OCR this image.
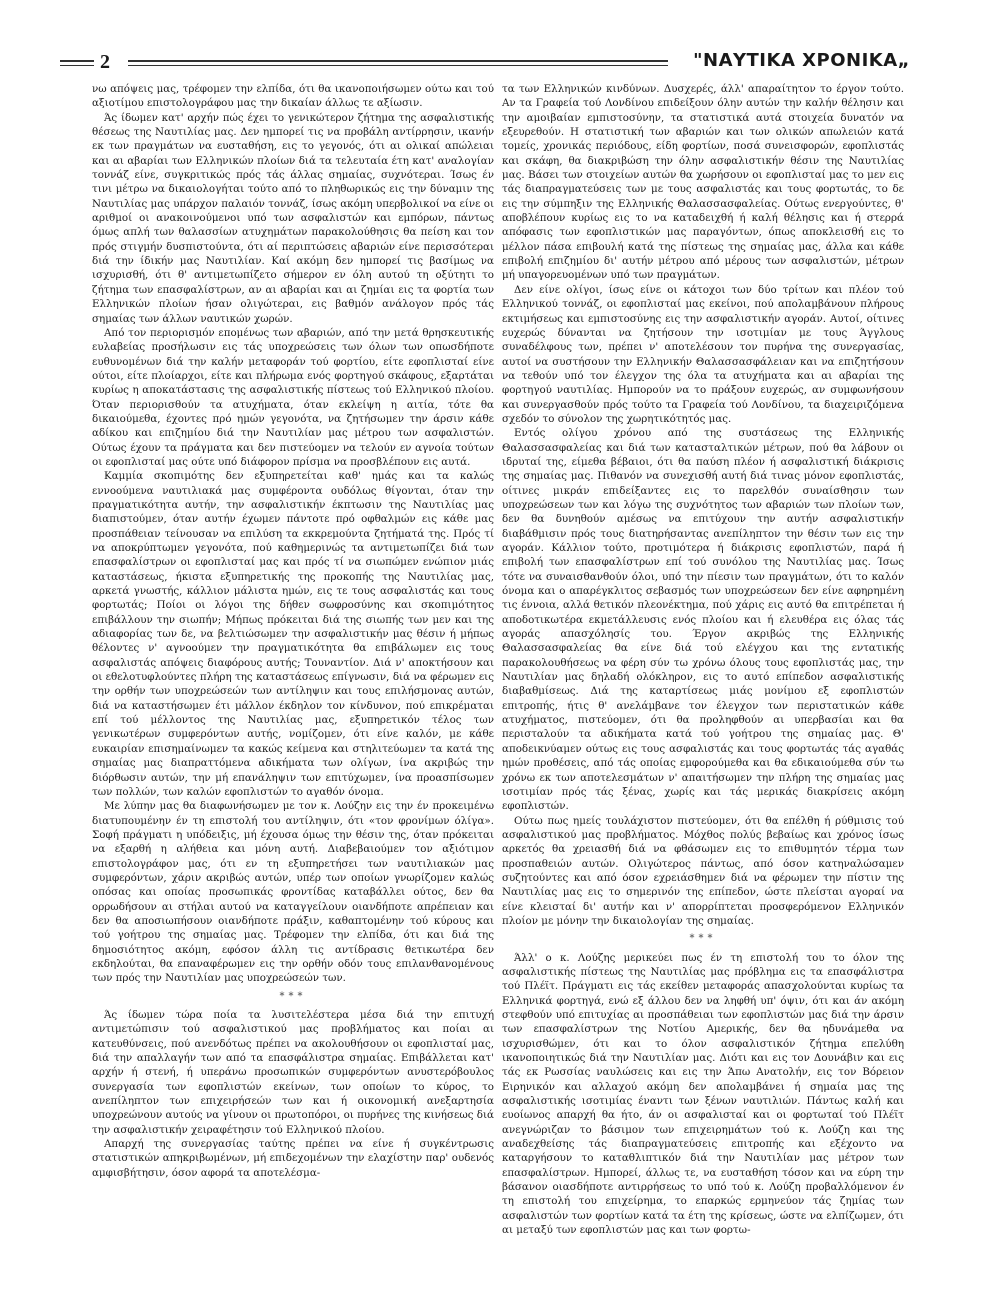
2	"ΝΑΥΤΙΚΑ ΧΡΟΝΙΚΑ„

νω απόψεις μας, τρέφομεν την ελπίδα, ότι θα ικανοποιήσωμεν ούτω και τού αξιοτίμου επιστολογράφου μας την δικαίαν άλλως τε αξίωσιν.

Άς ίδωμεν κατ' αρχήν πώς έχει το γενικώτερον ζήτημα της ασφαλιστικής θέσεως της Ναυτιλίας μας. Δεν ημπορεί τις να προβάλη αντίρρησιν, ικανήν εκ των πραγμάτων να ευσταθήση, εις το γεγονός, ότι αι ολικαί απώλειαι και αι αβαρίαι των Ελληνικών πλοίων διά τα τελευταία έτη κατ' αναλογίαν τοννάζ είνε, συγκριτικώς πρός τάς άλλας σημαίας, συχνότεραι. Ίσως έν τινι μέτρω να δικαιολογήται τούτο από το πληθωρικώς εις την δύναμιν της Ναυτιλίας μας υπάρχον παλαιόν τοννάζ, ίσως ακόμη υπερβολικοί να είνε οι αριθμοί οι ανακοινούμενοι υπό των ασφαλιστών και εμπόρων, πάντως όμως απλή των θαλασσίων ατυχημάτων παρακολούθησις θα πείση και τον πρός στιγμήν δυσπιστούντα, ότι αί περιπτώσεις αβαριών είνε περισσότεραι διά την ίδικήν μας Ναυτιλίαν. Καί ακόμη δεν ημπορεί τις βασίμως να ισχυρισθή, ότι θ' αντιμετωπίζετο σήμερον εν όλη αυτού τη οξύτητι το ζήτημα των επασφαλίστρων, αν αι αβαρίαι και αι ζημίαι εις τα φορτία των Ελληνικών πλοίων ήσαν ολιγώτεραι, εις βαθμόν ανάλογον πρός τάς σημαίας των άλλων ναυτικών χωρών.

Από τον περιορισμόν επομένως των αβαριών, από την μετά θρησκευτικής ευλαβείας προσήλωσιν εις τάς υποχρεώσεις των όλων των οπωσδήποτε ευθυνομένων διά την καλήν μεταφοράν τού φορτίου, είτε εφοπλισταί είνε ούτοι, είτε πλοίαρχοι, είτε και πλήρωμα ενός φορτηγού σκάφους, εξαρτάται κυρίως η αποκατάστασις της ασφαλιστικής πίστεως τού Ελληνικού πλοίου. Όταν περιορισθούν τα ατυχήματα, όταν εκλείψη η αιτία, τότε θα δικαιούμεθα, έχοντες πρό ημών γεγονότα, να ζητήσωμεν την άρσιν κάθε αδίκου και επιζημίου διά την Ναυτιλίαν μας μέτρου των ασφαλιστών. Ούτως έχουν τα πράγματα και δεν πιστεύομεν να τελούν εν αγνοία τούτων οι εφοπλισταί μας ούτε υπό διάφορον πρίσμα να προσβλέπουν εις αυτά.

Καμμία σκοπιμότης δεν εξυπηρετείται καθ' ημάς και τα καλώς εννοούμενα ναυτιλιακά μας συμφέροντα ουδόλως θίγονται, όταν την πραγματικότητα αυτήν, την ασφαλιστικήν έκπτωσιν της Ναυτιλίας μας διαπιστούμεν, όταν αυτήν έχωμεν πάντοτε πρό οφθαλμών εις κάθε μας προσπάθειαν τείνουσαν να επιλύση τα εκκρεμούντα ζητήματά της. Πρός τί να αποκρύπτωμεν γεγονότα, πού καθημερινώς τα αντιμετωπίζει διά των επασφαλίστρων οι εφοπλισταί μας και πρός τί να σιωπώμεν ενώπιον μιάς καταστάσεως, ήκιστα εξυπηρετικής της προκοπής της Ναυτιλίας μας, αρκετά γνωστής, κάλλιον μάλιστα ημών, εις τε τους ασφαλιστάς και τους φορτωτάς; Ποίοι οι λόγοι της δήθεν σωφροσύνης και σκοπιμότητος επιβάλλουν την σιωπήν; Μήπως πρόκειται διά της σιωπής των μεν και της αδιαφορίας των δε, να βελτιώσωμεν την ασφαλιστικήν μας θέσιν ή μήπως θέλοντες ν' αγνοούμεν την πραγματικότητα θα επιβάλωμεν εις τους ασφαλιστάς απόψεις διαφόρους αυτής; Τουναντίον. Διά ν' αποκτήσουν και οι εθελοτυφλούντες πλήρη της καταστάσεως επίγνωσιν, διά να φέρωμεν εις την ορθήν των υποχρεώσεών των αντίληψιν και τους επιλήσμονας αυτών, διά να καταστήσωμεν έτι μάλλον έκδηλον τον κίνδυνον, πού επικρέμαται επί τού μέλλοντος της Ναυτιλίας μας, εξυπηρετικόν τέλος των γενικωτέρων συμφερόντων αυτής, νομίζομεν, ότι είνε καλόν, με κάθε ευκαιρίαν επισημαίνωμεν τα κακώς κείμενα και στηλιτεύωμεν τα κατά της σημαίας μας διαπραττόμενα αδικήματα των ολίγων, ίνα ακριβώς την διόρθωσιν αυτών, την μή επανάληψιν των επιτύχωμεν, ίνα προασπίσωμεν των πολλών, των καλών εφοπλιστών το αγαθόν όνομα.

Με λύπην μας θα διαφωνήσωμεν με τον κ. Λούζην εις την έν προκειμένω διατυπουμένην έν τη επιστολή του αντίληψιν, ότι «τον φρονίμων όλίγα». Σοφή πράγματι η υπόδειξις, μή έχουσα όμως την θέσιν της, όταν πρόκειται να εξαρθή η αλήθεια και μόνη αυτή. Διαβεβαιούμεν τον αξιότιμον επιστολογράφον μας, ότι εν τη εξυπηρετήσει των ναυτιλιακών μας συμφερόντων, χάριν ακριβώς αυτών, υπέρ των οποίων γνωρίζομεν καλώς οπόσας και οποίας προσωπικάς φροντίδας καταβάλλει ούτος, δεν θα ορρωδήσουν αι στήλαι αυτού να καταγγείλουν οιανδήποτε απρέπειαν και δεν θα αποσιωπήσουν οιανδήποτε πράξιν, καθαπτομένην τού κύρους και τού γοήτρου της σημαίας μας. Τρέφομεν την ελπίδα, ότι και διά της δημοσιότητος ακόμη, εφόσον άλλη τις αντίδρασις θετικωτέρα δεν εκδηλούται, θα επαναφέρωμεν εις την ορθήν οδόν τους επιλανθανομένους των πρός την Ναυτιλίαν μας υποχρεώσεών των.

***

Άς ίδωμεν τώρα ποία τα λυσιτελέστερα μέσα διά την επιτυχή αντιμετώπισιν τού ασφαλιστικού μας προβλήματος και ποίαι αι κατευθύνσεις, πού ανενδότως πρέπει να ακολουθήσουν οι εφοπλισταί μας, διά την απαλλαγήν των από τα επασφάλιστρα σημαίας. Επιβάλλεται κατ' αρχήν ή στενή, ή υπεράνω προσωπικών συμφερόντων ανυστερόβουλος συνεργασία των εφοπλιστών εκείνων, των οποίων το κύρος, το ανεπίληπτον των επιχειρήσεών των και ή οικονομική ανεξαρτησία υποχρεώνουν αυτούς να γίνουν οι πρωτοπόροι, οι πυρήνες της κινήσεως διά την ασφαλιστικήν χειραφέτησιν τού Ελληνικού πλοίου.

Απαρχή της συνεργασίας ταύτης πρέπει να είνε ή συγκέντρωσις στατιστικών απηκριβωμένων, μή επιδεχομένων την ελαχίστην παρ' ουδενός αμφισβήτησιν, όσον αφορά τα αποτελέσμα-

τα των Ελληνικών κινδύνων. Δυσχερές, άλλ' απαραίτητον το έργον τούτο. Αν τα Γραφεία τού Λονδίνου επιδείξουν όλην αυτών την καλήν θέλησιν και την αμοιβαίαν εμπιστοσύνην, τα στατιστικά αυτά στοιχεία δυνατόν να εξευρεθούν. Η στατιστική των αβαριών και των ολικών απωλειών κατά τομείς, χρονικάς περιόδους, είδη φορτίων, ποσά συνεισφορών, εφοπλιστάς και σκάφη, θα διακριβώση την όλην ασφαλιστικήν θέσιν της Ναυτιλίας μας. Βάσει των στοιχείων αυτών θα χωρήσουν οι εφοπλισταί μας το μεν εις τάς διαπραγματεύσεις των με τους ασφαλιστάς και τους φορτωτάς, το δε εις την σύμπηξιν της Ελληνικής Θαλασσασφαλείας. Ούτως ενεργούντες, θ' αποβλέπουν κυρίως εις το να καταδειχθή ή καλή θέλησις και ή στερρά απόφασις των εφοπλιστικών μας παραγόντων, όπως αποκλεισθή εις το μέλλον πάσα επιβουλή κατά της πίστεως της σημαίας μας, άλλα και κάθε επιβολή επιζημίου δι' αυτήν μέτρου από μέρους των ασφαλιστών, μέτρων μή υπαγορευομένων υπό των πραγμάτων.

Δεν είνε ολίγοι, ίσως είνε οι κάτοχοι των δύο τρίτων και πλέον τού Ελληνικού τοννάζ, οι εφοπλισταί μας εκείνοι, πού απολαμβάνουν πλήρους εκτιμήσεως και εμπιστοσύνης εις την ασφαλιστικήν αγοράν. Αυτοί, οίτινες ευχερώς δύνανται να ζητήσουν την ισοτιμίαν με τους Άγγλους συναδέλφους των, πρέπει ν' αποτελέσουν τον πυρήνα της συνεργασίας, αυτοί να συστήσουν την Ελληνικήν Θαλασσασφάλειαν και να επιζητήσουν να τεθούν υπό τον έλεγχον της όλα τα ατυχήματα και αι αβαρίαι της φορτηγού ναυτιλίας. Ημπορούν να το πράξουν ευχερώς, αν συμφωνήσουν και συνεργασθούν πρός τούτο τα Γραφεία τού Λονδίνου, τα διαχειριζόμενα σχεδόν το σύνολον της χωρητικότητός μας.

Εντός ολίγου χρόνου από της συστάσεως της Ελληνικής Θαλασσασφαλείας και διά των κατασταλτικών μέτρων, πού θα λάβουν οι ιδρυταί της, είμεθα βέβαιοι, ότι θα παύση πλέον ή ασφαλιστική διάκρισις της σημαίας μας. Πιθανόν να συνεχισθή αυτή διά τινας μόνον εφοπλιστάς, οίτινες μικράν επιδείξαντες εις το παρελθόν συναίσθησιν των υποχρεώσεων των και λόγω της συχνότητος των αβαριών των πλοίων των, δεν θα δυνηθούν αμέσως να επιτύχουν την αυτήν ασφαλιστικήν διαβάθμισιν πρός τους διατηρήσαντας ανεπίληπτον την θέσιν των εις την αγοράν. Κάλλιον τούτο, προτιμότερα ή διάκρισις εφοπλιστών, παρά ή επιβολή των επασφαλίστρων επί τού συνόλου της Ναυτιλίας μας. Ίσως τότε να συναισθανθούν όλοι, υπό την πίεσιν των πραγμάτων, ότι το καλόν όνομα και ο απαρέγκλιτος σεβασμός των υποχρεώσεων δεν είνε αφηρημένη τις έννοια, αλλά θετικόν πλεονέκτημα, πού χάρις εις αυτό θα επιτρέπεται ή αποδοτικωτέρα εκμετάλλευσις ενός πλοίου και ή ελευθέρα εις όλας τάς αγοράς απασχόλησίς του. Έργον ακριβώς της Ελληνικής Θαλασσασφαλείας θα είνε διά τού ελέγχου και της εντατικής παρακολουθήσεως να φέρη σύν τω χρόνω όλους τους εφοπλιστάς μας, την Ναυτιλίαν μας δηλαδή ολόκληρον, εις το αυτό επίπεδον ασφαλιστικής διαβαθμίσεως. Διά της καταρτίσεως μιάς μονίμου εξ εφοπλιστών επιτροπής, ήτις θ' ανελάμβανε τον έλεγχον των περιστατικών κάθε ατυχήματος, πιστεύομεν, ότι θα προληφθούν αι υπερβασίαι και θα περισταλούν τα αδικήματα κατά τού γοήτρου της σημαίας μας. Θ' αποδεικνύαμεν ούτως εις τους ασφαλιστάς και τους φορτωτάς τάς αγαθάς ημών προθέσεις, από τάς οποίας εμφορούμεθα και θα εδικαιούμεθα σύν τω χρόνω εκ των αποτελεσμάτων ν' απαιτήσωμεν την πλήρη της σημαίας μας ισοτιμίαν πρός τάς ξένας, χωρίς και τάς μερικάς διακρίσεις ακόμη εφοπλιστών.

Ούτω πως ημείς τουλάχιστον πιστεύομεν, ότι θα επέλθη ή ρύθμισις τού ασφαλιστικού μας προβλήματος. Μόχθος πολύς βεβαίως και χρόνος ίσως αρκετός θα χρειασθή διά να φθάσωμεν εις το επιθυμητόν τέρμα των προσπαθειών αυτών. Ολιγώτερος πάντως, από όσον κατηναλώσαμεν συζητούντες και από όσον εχρειάσθημεν διά να φέρωμεν την πίστιν της Ναυτιλίας μας εις το σημερινόν της επίπεδον, ώστε πλείσται αγοραί να είνε κλεισταί δι' αυτήν και ν' απορρίπτεται προσφερόμενον Ελληνικόν πλοίον με μόνην την δικαιολογίαν της σημαίας.

***

Άλλ' ο κ. Λούζης μερικεύει πως έν τη επιστολή του το όλον της ασφαλιστικής πίστεως της Ναυτιλίας μας πρόβλημα εις τα επασφάλιστρα τού Πλέϊτ. Πράγματι εις τάς εκείθεν μεταφοράς απασχολούνται κυρίως τα Ελληνικά φορτηγά, ενώ εξ άλλου δεν να ληφθή υπ' όψιν, ότι και άν ακόμη στεφθούν υπό επιτυχίας αι προσπάθειαι των εφοπλιστών μας διά την άρσιν των επασφαλίστρων της Νοτίου Αμερικής, δεν θα ηδυνάμεθα να ισχυρισθώμεν, ότι και το όλον ασφαλιστικόν ζήτημα επελύθη ικανοποιητικώς διά την Ναυτιλίαν μας. Διότι και εις τον Δουνάβιν και εις τάς εκ Ρωσσίας ναυλώσεις και εις την Άπω Ανατολήν, εις τον Βόρειον Ειρηνικόν και αλλαχού ακόμη δεν απολαμβάνει ή σημαία μας της ασφαλιστικής ισοτιμίας έναντι των ξένων ναυτιλιών. Πάντως καλή και ευοίωνος απαρχή θα ήτο, άν οι ασφαλισταί και οι φορτωταί τού Πλέϊτ ανεγνώριζαν το βάσιμον των επιχειρημάτων τού κ. Λούζη και της αναδεχθείσης τάς διαπραγματεύσεις επιτροπής και εξέχοντο να καταργήσουν το καταθλιπτικόν διά την Ναυτιλίαν μας μέτρον των επασφαλίστρων. Ημπορεί, άλλως τε, να ευσταθήση τόσον και να εύρη την βάσανον οιασδήποτε αντιρρήσεως το υπό τού κ. Λούζη προβαλλόμενον έν τη επιστολή του επιχείρημα, το επαρκώς ερμηνεύον τάς ζημίας των ασφαλιστών των φορτίων κατά τα έτη της κρίσεως, ώστε να ελπίζωμεν, ότι αι μεταξύ των εφοπλιστών μας και των φορτω-
